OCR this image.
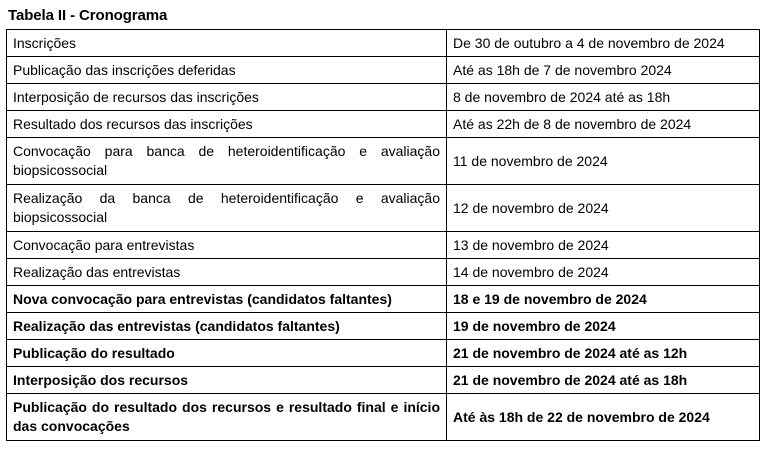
Tabela II - Cronograma
Inscrições	De 30 de outubro a 4 de novembro de 2024
Publicação das inscrições deferidas	Até as 18h de 7 de novembro 2024
Interposição de recursos das inscrições	8 de novembro de 2024 até as 18h
Resultado dos recursos das inscrições	Até as 22h de 8 de novembro de 2024
Convocação para banca de heteroidentificação e avaliação biopsicossocial	11 de novembro de 2024
Realização da banca de heteroidentificação e avaliação biopsicossocial	12 de novembro de 2024
Convocação para entrevistas	13 de novembro de 2024
Realização das entrevistas	14 de novembro de 2024
Nova convocação para entrevistas (candidatos faltantes)	18 e 19 de novembro de 2024
Realização das entrevistas (candidatos faltantes)	19 de novembro de 2024
Publicação do resultado	21 de novembro de 2024 até as 12h
Interposição dos recursos	21 de novembro de 2024 até as 18h
Publicação do resultado dos recursos e resultado final e início das convocações	Até às 18h de 22 de novembro de 2024
